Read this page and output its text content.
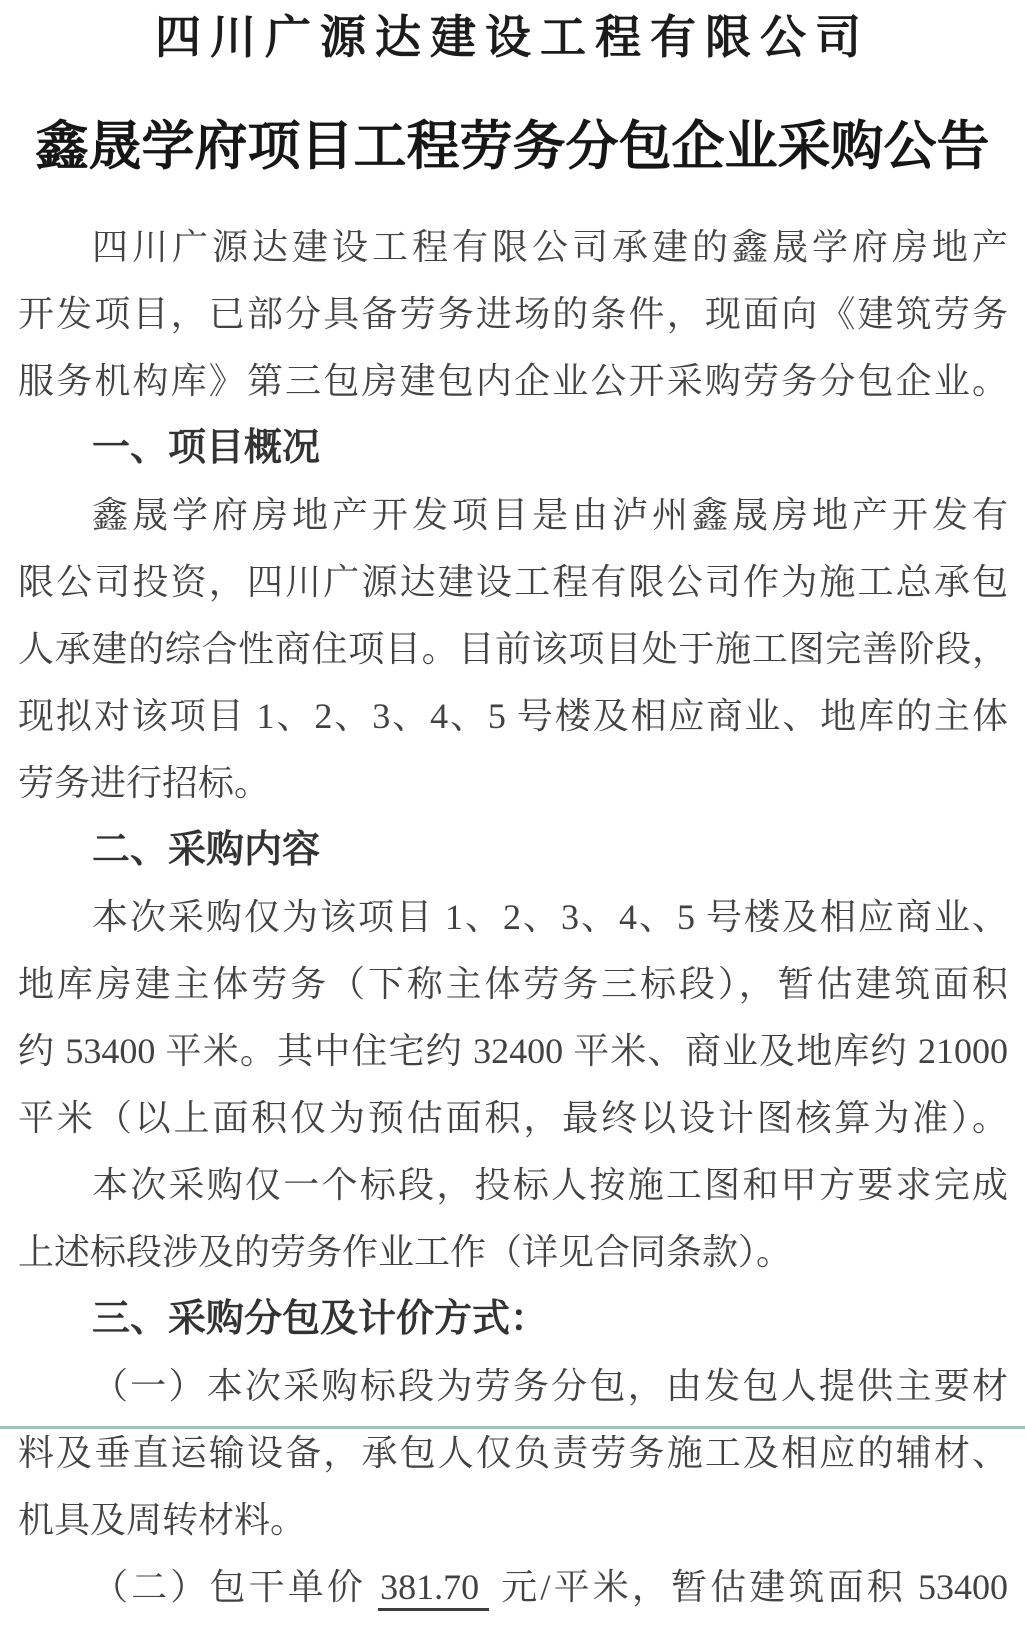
四川广源达建设工程有限公司
鑫晟学府项目工程劳务分包企业采购公告
四川广源达建设工程有限公司承建的鑫晟学府房地产
开发项目，已部分具备劳务进场的条件，现面向《建筑劳务
服务机构库》第三包房建包内企业公开采购劳务分包企业。
一、项目概况
鑫晟学府房地产开发项目是由泸州鑫晟房地产开发有
限公司投资，四川广源达建设工程有限公司作为施工总承包
人承建的综合性商住项目。目前该项目处于施工图完善阶段，
现拟对该项目 1、2、3、4、5 号楼及相应商业、地库的主体
劳务进行招标。
二、采购内容
本次采购仅为该项目 1、2、3、4、5 号楼及相应商业、
地库房建主体劳务（下称主体劳务三标段），暂估建筑面积
约 53400 平米。其中住宅约 32400 平米、商业及地库约 21000
平米（以上面积仅为预估面积，最终以设计图核算为准）。
本次采购仅一个标段，投标人按施工图和甲方要求完成
上述标段涉及的劳务作业工作（详见合同条款）。
三、采购分包及计价方式：
（一）本次采购标段为劳务分包，由发包人提供主要材
料及垂直运输设备，承包人仅负责劳务施工及相应的辅材、
机具及周转材料。
（二）包干单价 381.70 元/平米，暂估建筑面积 53400
